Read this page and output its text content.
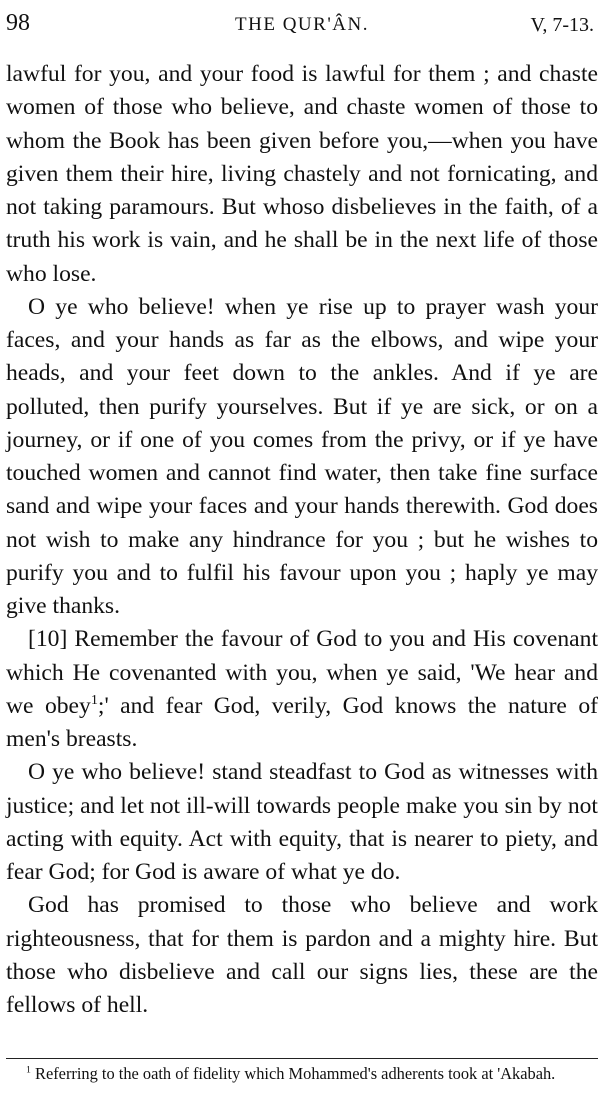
98	THE QUR'ÂN.	V, 7-13.

lawful for you, and your food is lawful for them ; and chaste women of those who believe, and chaste women of those to whom the Book has been given before you,—when you have given them their hire, living chastely and not fornicating, and not taking paramours. But whoso disbelieves in the faith, of a truth his work is vain, and he shall be in the next life of those who lose.

O ye who believe! when ye rise up to prayer wash your faces, and your hands as far as the elbows, and wipe your heads, and your feet down to the ankles. And if ye are polluted, then purify yourselves. But if ye are sick, or on a journey, or if one of you comes from the privy, or if ye have touched women and cannot find water, then take fine surface sand and wipe your faces and your hands therewith. God does not wish to make any hindrance for you ; but he wishes to purify you and to fulfil his favour upon you ; haply ye may give thanks.

[10] Remember the favour of God to you and His covenant which He covenanted with you, when ye said, 'We hear and we obey$^1$;' and fear God, verily, God knows the nature of men's breasts.

O ye who believe! stand steadfast to God as witnesses with justice; and let not ill-will towards people make you sin by not acting with equity. Act with equity, that is nearer to piety, and fear God; for God is aware of what ye do.

God has promised to those who believe and work righteousness, that for them is pardon and a mighty hire. But those who disbelieve and call our signs lies, these are the fellows of hell.

$^1$ Referring to the oath of fidelity which Mohammed's adherents took at 'Akabah.
